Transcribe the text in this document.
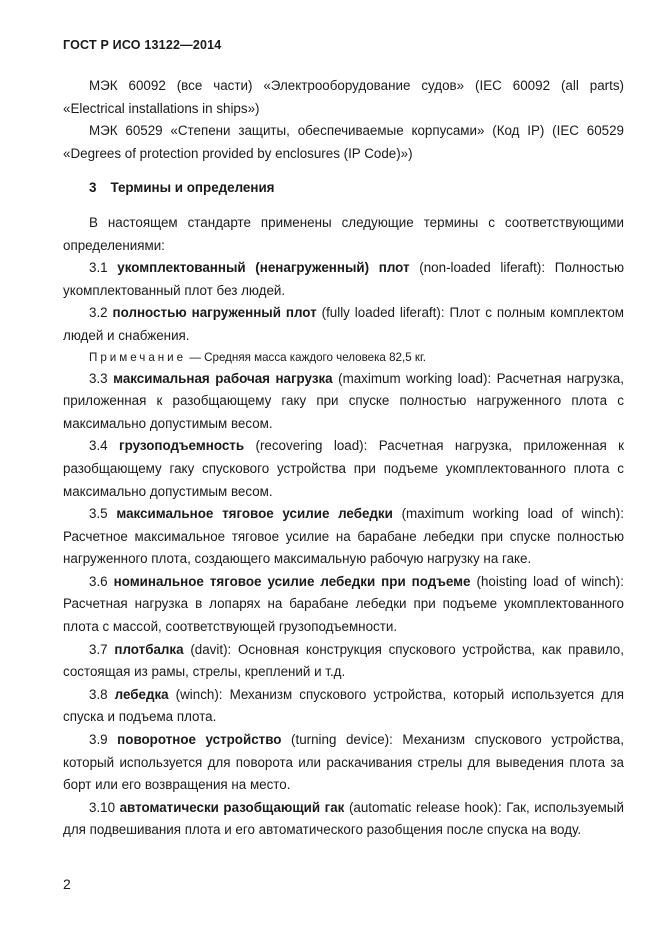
ГОСТ Р ИСО 13122—2014

МЭК 60092 (все части) «Электрооборудование судов» (IEC 60092 (all parts) «Electrical installations in ships»)

МЭК 60529 «Степени защиты, обеспечиваемые корпусами» (Код IP) (IEC 60529 «Degrees of protection provided by enclosures (IP Code)»)

3 Термины и определения

В настоящем стандарте применены следующие термины с соответствующими определениями:

3.1 укомплектованный (ненагруженный) плот (non-loaded liferaft): Полностью укомплектованный плот без людей.

3.2 полностью нагруженный плот (fully loaded liferaft): Плот с полным комплектом людей и снабжения.

Примечание — Средняя масса каждого человека 82,5 кг.

3.3 максимальная рабочая нагрузка (maximum working load): Расчетная нагрузка, приложенная к разобщающему гаку при спуске полностью нагруженного плота с максимально допустимым весом.

3.4 грузоподъемность (recovering load): Расчетная нагрузка, приложенная к разобщающему гаку спускового устройства при подъеме укомплектованного плота с максимально допустимым весом.

3.5 максимальное тяговое усилие лебедки (maximum working load of winch): Расчетное максимальное тяговое усилие на барабане лебедки при спуске полностью нагруженного плота, создающего максимальную рабочую нагрузку на гаке.

3.6 номинальное тяговое усилие лебедки при подъеме (hoisting load of winch): Расчетная нагрузка в лопарях на барабане лебедки при подъеме укомплектованного плота с массой, соответствующей грузоподъемности.

3.7 плотбалка (davit): Основная конструкция спускового устройства, как правило, состоящая из рамы, стрелы, креплений и т.д.

3.8 лебедка (winch): Механизм спускового устройства, который используется для спуска и подъема плота.

3.9 поворотное устройство (turning device): Механизм спускового устройства, который используется для поворота или раскачивания стрелы для выведения плота за борт или его возвращения на место.

3.10 автоматически разобщающий гак (automatic release hook): Гак, используемый для подвешивания плота и его автоматического разобщения после спуска на воду.

2
